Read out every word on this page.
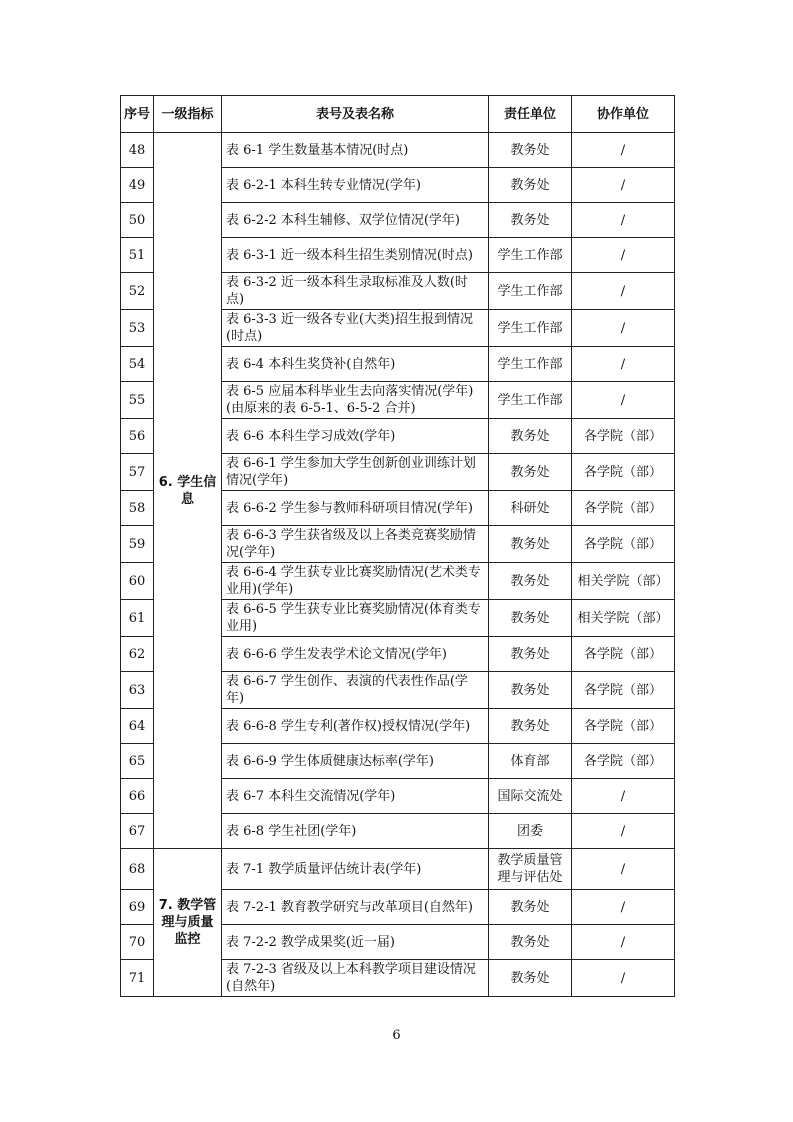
序号	一级指标	表号及表名称	责任单位	协作单位
48	6. 学生信息	表 6-1 学生数量基本情况(时点)	教务处	/
49		表 6-2-1 本科生转专业情况(学年)	教务处	/
50		表 6-2-2 本科生辅修、双学位情况(学年)	教务处	/
51		表 6-3-1 近一级本科生招生类别情况(时点)	学生工作部	/
52		表 6-3-2 近一级本科生录取标准及人数(时点)	学生工作部	/
53		表 6-3-3 近一级各专业(大类)招生报到情况(时点)	学生工作部	/
54		表 6-4 本科生奖贷补(自然年)	学生工作部	/
55		表 6-5 应届本科毕业生去向落实情况(学年)(由原来的表 6-5-1、6-5-2 合并)	学生工作部	/
56		表 6-6 本科生学习成效(学年)	教务处	各学院（部）
57		表 6-6-1 学生参加大学生创新创业训练计划情况(学年)	教务处	各学院（部）
58		表 6-6-2 学生参与教师科研项目情况(学年)	科研处	各学院（部）
59		表 6-6-3 学生获省级及以上各类竞赛奖励情况(学年)	教务处	各学院（部）
60		表 6-6-4 学生获专业比赛奖励情况(艺术类专业用)(学年)	教务处	相关学院（部）
61		表 6-6-5 学生获专业比赛奖励情况(体育类专业用)	教务处	相关学院（部）
62		表 6-6-6 学生发表学术论文情况(学年)	教务处	各学院（部）
63		表 6-6-7 学生创作、表演的代表性作品(学年)	教务处	各学院（部）
64		表 6-6-8 学生专利(著作权)授权情况(学年)	教务处	各学院（部）
65		表 6-6-9 学生体质健康达标率(学年)	体育部	各学院（部）
66		表 6-7 本科生交流情况(学年)	国际交流处	/
67		表 6-8 学生社团(学年)	团委	/
68	7. 教学管理与质量监控	表 7-1 教学质量评估统计表(学年)	教学质量管理与评估处	/
69		表 7-2-1 教育教学研究与改革项目(自然年)	教务处	/
70		表 7-2-2 教学成果奖(近一届)	教务处	/
71		表 7-2-3 省级及以上本科教学项目建设情况(自然年)	教务处	/
6
